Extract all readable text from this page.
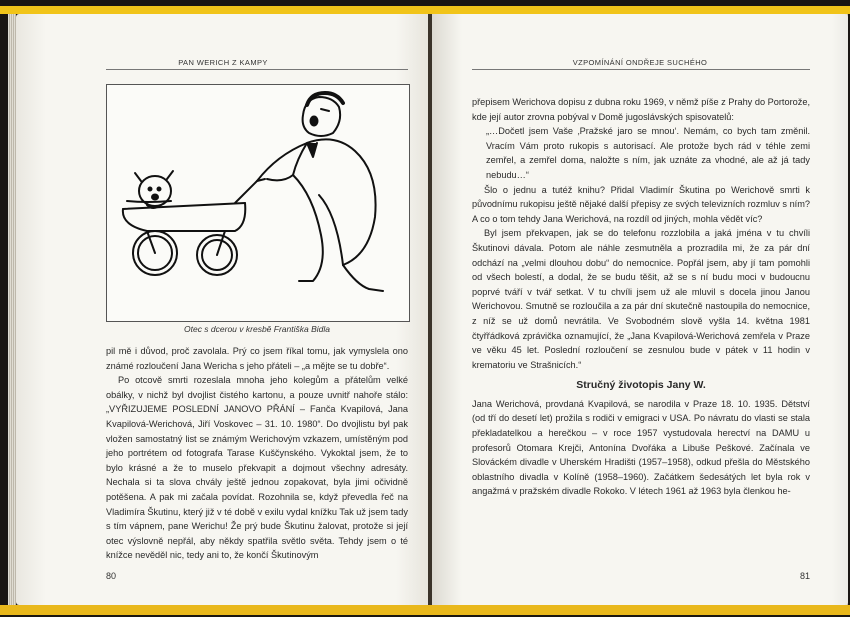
PAN WERICH Z KAMPY
Otec s dcerou v kresbě Františka Bidla

pil mě i důvod, proč zavolala. Prý co jsem říkal tomu, jak vymyslela ono známé rozloučení Jana Wericha s jeho přáteli – „a mějte se tu dobře“.

Po otcově smrti rozeslala mnoha jeho kolegům a přátelům velké obálky, v nichž byl dvojlist čistého kartonu, a pouze uvnitř nahoře stálo: „VYŘIZUJEME POSLEDNÍ JANOVO PŘÁNÍ – Fanča Kvapilová, Jana Kvapilová-Werichová, Jiří Voskovec – 31. 10. 1980“. Do dvojlistu byl pak vložen samostatný list se známým Werichovým vzkazem, umístěným pod jeho portrétem od fotografa Tarase Kuščynského. Vykoktal jsem, že to bylo krásné a že to muselo překvapit a dojmout všechny adresáty. Nechala si ta slova chvály ještě jednou zopakovat, byla jimi očividně potěšena. A pak mi začala povídat. Rozohnila se, když převedla řeč na Vladimíra Škutinu, který již v té době v exilu vydal knížku Tak už jsem tady s tím vápnem, pane Werichu! Že prý bude Škutinu žalovat, protože si její otec výslovně nepřál, aby někdy spatřila světlo světa. Tehdy jsem o té knížce nevěděl nic, tedy ani to, že končí Škutinovým

80
VZPOMÍNÁNÍ ONDŘEJE SUCHÉHO

přepisem Werichova dopisu z dubna roku 1969, v němž píše z Prahy do Portorože, kde její autor zrovna pobýval v Domě jugoslávských spisovatelů:

„…Dočetl jsem Vaše ‚Pražské jaro se mnou‘. Nemám, co bych tam změnil. Vracím Vám proto rukopis s autorisací. Ale protože bych rád v téhle zemi zemřel, a zemřel doma, naložte s ním, jak uznáte za vhodné, ale až já tady nebudu…“

Šlo o jednu a tutéž knihu? Přidal Vladimír Škutina po Werichově smrti k původnímu rukopisu ještě nějaké další přepisy ze svých televizních rozmluv s ním? A co o tom tehdy Jana Werichová, na rozdíl od jiných, mohla vědět víc?

Byl jsem překvapen, jak se do telefonu rozzlobila a jaká jména v tu chvíli Škutinovi dávala. Potom ale náhle zesmutněla a prozradila mi, že za pár dní odchází na „velmi dlouhou dobu“ do nemocnice. Popřál jsem, aby jí tam pomohli od všech bolestí, a dodal, že se budu těšit, až se s ní budu moci v budoucnu poprvé tváří v tvář setkat. V tu chvíli jsem už ale mluvil s docela jinou Janou Werichovou. Smutně se rozloučila a za pár dní skutečně nastoupila do nemocnice, z níž se už domů nevrátila. Ve Svobodném slově vyšla 14. května 1981 čtyřřádková zprávička oznamující, že „Jana Kvapilová-Werichová zemřela v Praze ve věku 45 let. Poslední rozloučení se zesnulou bude v pátek v 11 hodin v krematoriu ve Strašnicích.“

Stručný životopis Jany W.

Jana Werichová, provdaná Kvapilová, se narodila v Praze 18. 10. 1935. Dětství (od tří do desetí let) prožila s rodiči v emigraci v USA. Po návratu do vlasti se stala překladatelkou a herečkou – v roce 1957 vystudovala herectví na DAMU u profesorů Otomara Krejči, Antonína Dvořáka a Libuše Peškové. Začínala ve Slováckém divadle v Uherském Hradišti (1957–1958), odkud přešla do Městského oblastního divadla v Kolíně (1958–1960). Začátkem šedesátých let byla rok v angažmá v pražském divadle Rokoko. V létech 1961 až 1963 byla členkou he-

81
